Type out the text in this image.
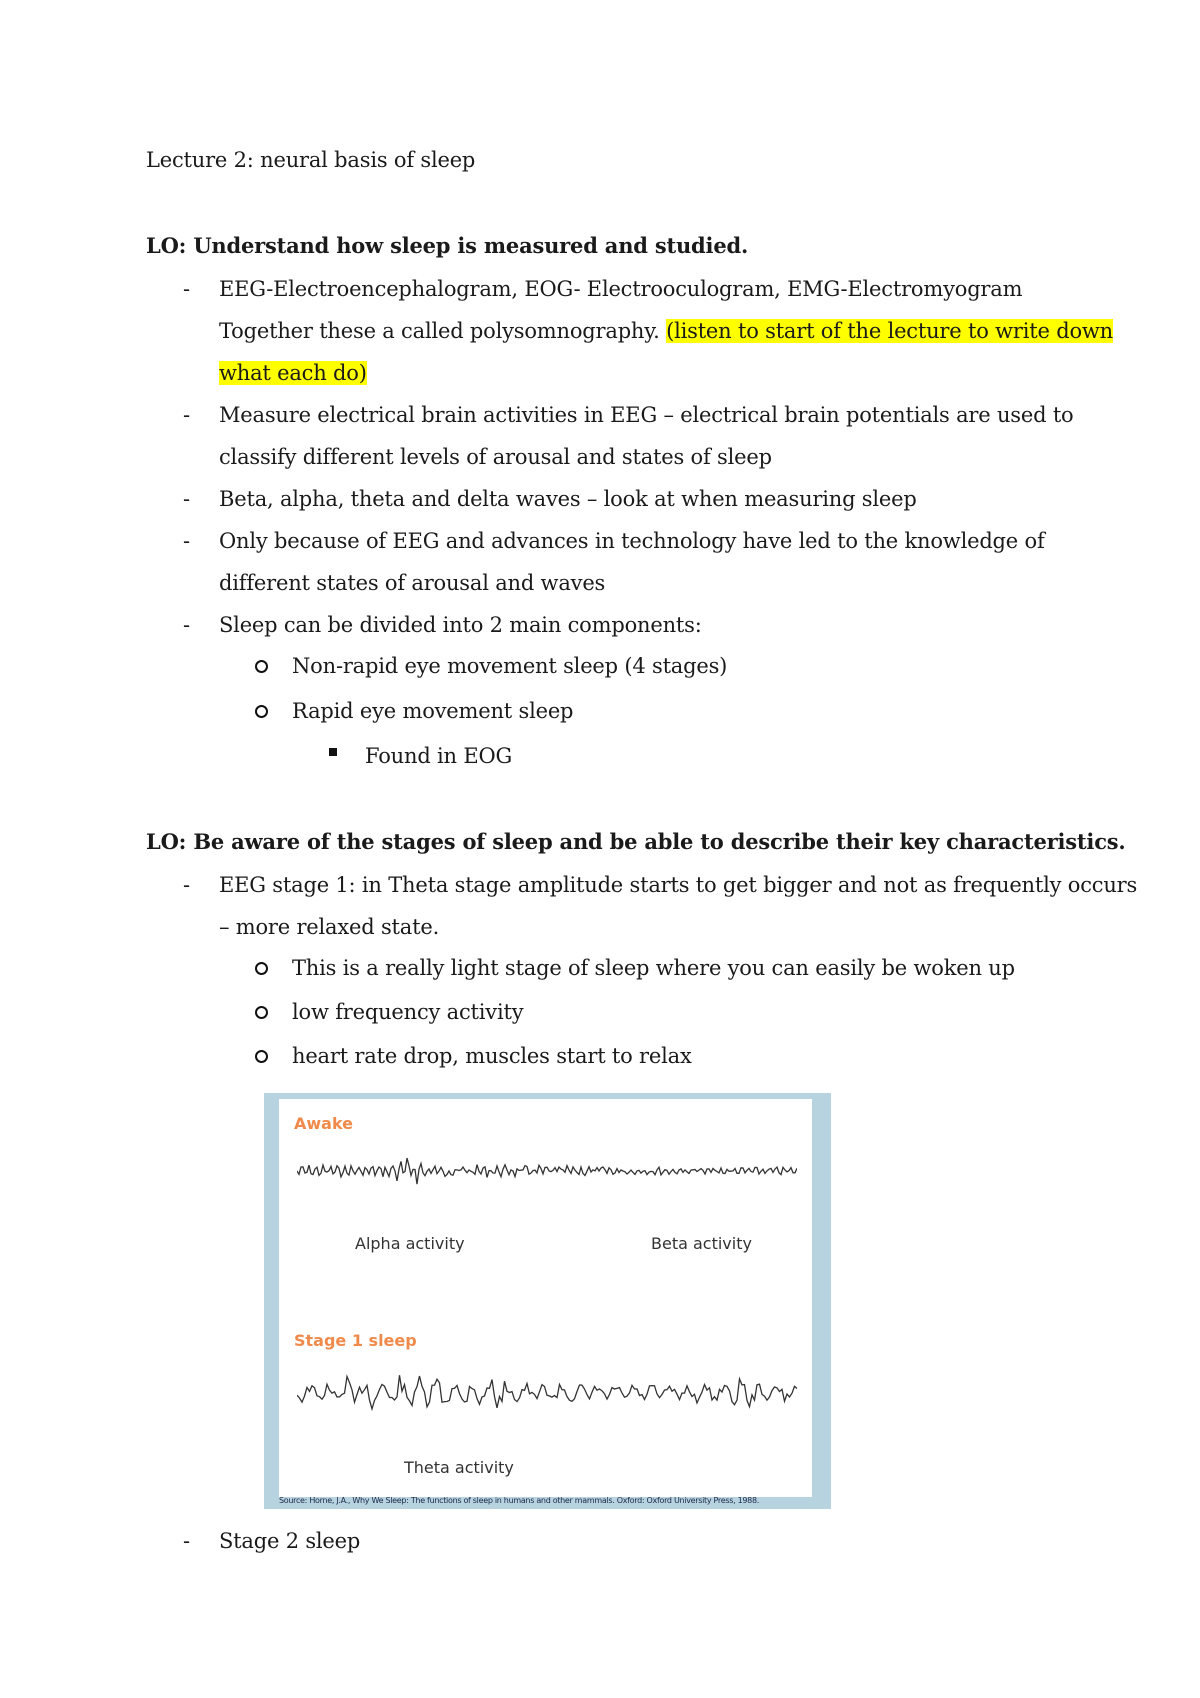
Lecture 2: neural basis of sleep
LO: Understand how sleep is measured and studied.
- EEG-Electroencephalogram, EOG- Electrooculogram, EMG-Electromyogram
Together these a called polysomnography. (listen to start of the lecture to write down
what each do)
- Measure electrical brain activities in EEG – electrical brain potentials are used to
classify different levels of arousal and states of sleep
- Beta, alpha, theta and delta waves – look at when measuring sleep
- Only because of EEG and advances in technology have led to the knowledge of
different states of arousal and waves
- Sleep can be divided into 2 main components:
Non-rapid eye movement sleep (4 stages)
Rapid eye movement sleep
Found in EOG
LO: Be aware of the stages of sleep and be able to describe their key characteristics.
- EEG stage 1: in Theta stage amplitude starts to get bigger and not as frequently occurs
– more relaxed state.
This is a really light stage of sleep where you can easily be woken up
low frequency activity
heart rate drop, muscles start to relax
Awake
Alpha activity	Beta activity
Stage 1 sleep
Theta activity
Source: Horne, J.A., Why We Sleep: The functions of sleep in humans and other mammals. Oxford: Oxford University Press, 1988.
- Stage 2 sleep
